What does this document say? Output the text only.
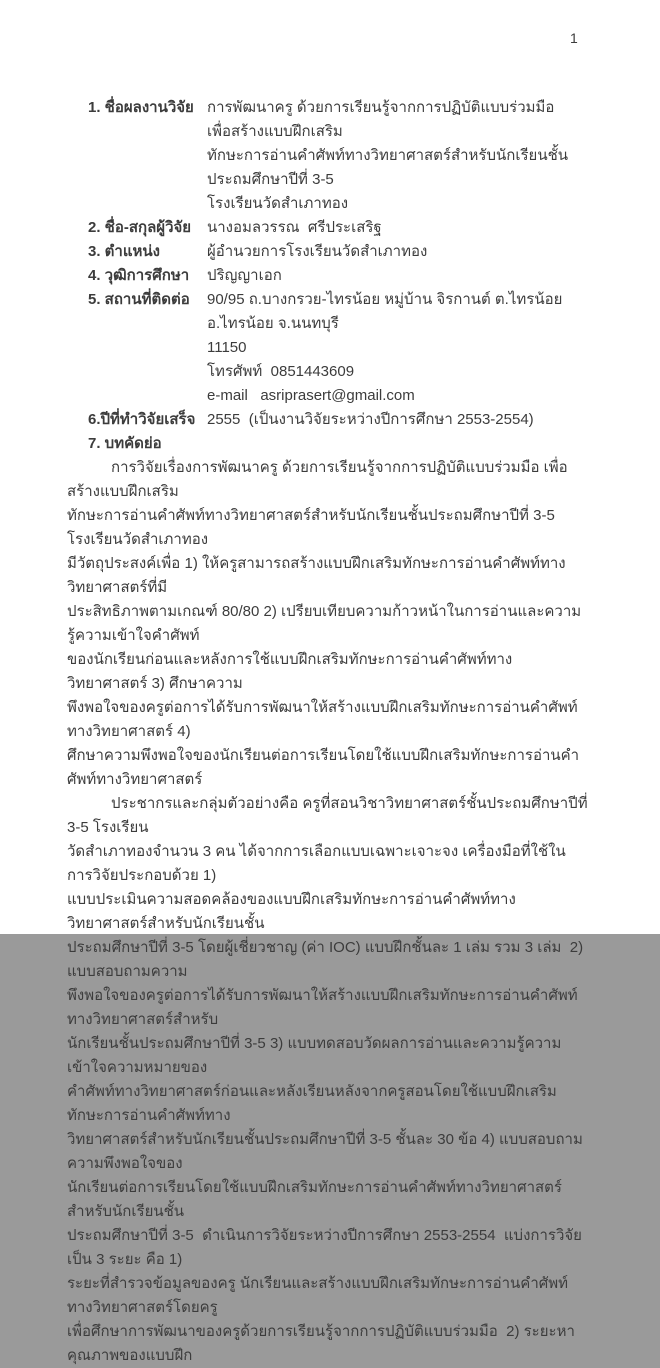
1
1. ชื่อผลงานวิจัย การพัฒนาครู ด้วยการเรียนรู้จากการปฏิบัติแบบร่วมมือ เพื่อสร้างแบบฝึกเสริม
ทักษะการอ่านคำศัพท์ทางวิทยาศาสตร์สำหรับนักเรียนชั้นประถมศึกษาปีที่ 3-5
โรงเรียนวัดสำเภาทอง
2. ชื่อ-สกุลผู้วิจัย	นางอมลวรรณ  ศรีประเสริฐ
3. ตำแหน่ง	ผู้อำนวยการโรงเรียนวัดสำเภาทอง
4. วุฒิการศึกษา	ปริญญาเอก
5. สถานที่ติดต่อ	90/95 ถ.บางกรวย-ไทรน้อย หมู่บ้าน จิรกานต์ ต.ไทรน้อย อ.ไทรน้อย จ.นนทบุรี
11150
โทรศัพท์  0851443609
e-mail   asriprasert@gmail.com
6.ปีที่ทำวิจัยเสร็จ 2555  (เป็นงานวิจัยระหว่างปีการศึกษา 2553-2554)
7. บทคัดย่อ
การวิจัยเรื่องการพัฒนาครู ด้วยการเรียนรู้จากการปฏิบัติแบบร่วมมือ เพื่อสร้างแบบฝึกเสริม
ทักษะการอ่านคำศัพท์ทางวิทยาศาสตร์สำหรับนักเรียนชั้นประถมศึกษาปีที่ 3-5 โรงเรียนวัดสำเภาทอง
มีวัตถุประสงค์เพื่อ 1) ให้ครูสามารถสร้างแบบฝึกเสริมทักษะการอ่านคำศัพท์ทางวิทยาศาสตร์ที่มี
ประสิทธิภาพตามเกณฑ์ 80/80 2) เปรียบเทียบความก้าวหน้าในการอ่านและความรู้ความเข้าใจคำศัพท์
ของนักเรียนก่อนและหลังการใช้แบบฝึกเสริมทักษะการอ่านคำศัพท์ทางวิทยาศาสตร์ 3) ศึกษาความ
พึงพอใจของครูต่อการได้รับการพัฒนาให้สร้างแบบฝึกเสริมทักษะการอ่านคำศัพท์ทางวิทยาศาสตร์ 4)
ศึกษาความพึงพอใจของนักเรียนต่อการเรียนโดยใช้แบบฝึกเสริมทักษะการอ่านคำศัพท์ทางวิทยาศาสตร์
ประชากรและกลุ่มตัวอย่างคือ ครูที่สอนวิชาวิทยาศาสตร์ชั้นประถมศึกษาปีที่ 3-5 โรงเรียน
วัดสำเภาทองจำนวน 3 คน ได้จากการเลือกแบบเฉพาะเจาะจง เครื่องมือที่ใช้ในการวิจัยประกอบด้วย 1)
แบบประเมินความสอดคล้องของแบบฝึกเสริมทักษะการอ่านคำศัพท์ทางวิทยาศาสตร์สำหรับนักเรียนชั้น
ประถมศึกษาปีที่ 3-5 โดยผู้เชี่ยวชาญ (ค่า IOC) แบบฝึกชั้นละ 1 เล่ม รวม 3 เล่ม  2) แบบสอบถามความ
พึงพอใจของครูต่อการได้รับการพัฒนาให้สร้างแบบฝึกเสริมทักษะการอ่านคำศัพท์ทางวิทยาศาสตร์สำหรับ
นักเรียนชั้นประถมศึกษาปีที่ 3-5 3) แบบทดสอบวัดผลการอ่านและความรู้ความเข้าใจความหมายของ
คำศัพท์ทางวิทยาศาสตร์ก่อนและหลังเรียนหลังจากครูสอนโดยใช้แบบฝึกเสริมทักษะการอ่านคำศัพท์ทาง
วิทยาศาสตร์สำหรับนักเรียนชั้นประถมศึกษาปีที่ 3-5 ชั้นละ 30 ข้อ 4) แบบสอบถามความพึงพอใจของ
นักเรียนต่อการเรียนโดยใช้แบบฝึกเสริมทักษะการอ่านคำศัพท์ทางวิทยาศาสตร์สำหรับนักเรียนชั้น
ประถมศึกษาปีที่ 3-5  ดำเนินการวิจัยระหว่างปีการศึกษา 2553-2554  แบ่งการวิจัยเป็น 3 ระยะ คือ 1)
ระยะที่สำรวจข้อมูลของครู นักเรียนและสร้างแบบฝึกเสริมทักษะการอ่านคำศัพท์ทางวิทยาศาสตร์โดยครู
เพื่อศึกษาการพัฒนาของครูด้วยการเรียนรู้จากการปฏิบัติแบบร่วมมือ  2) ระยะหาคุณภาพของแบบฝึก
